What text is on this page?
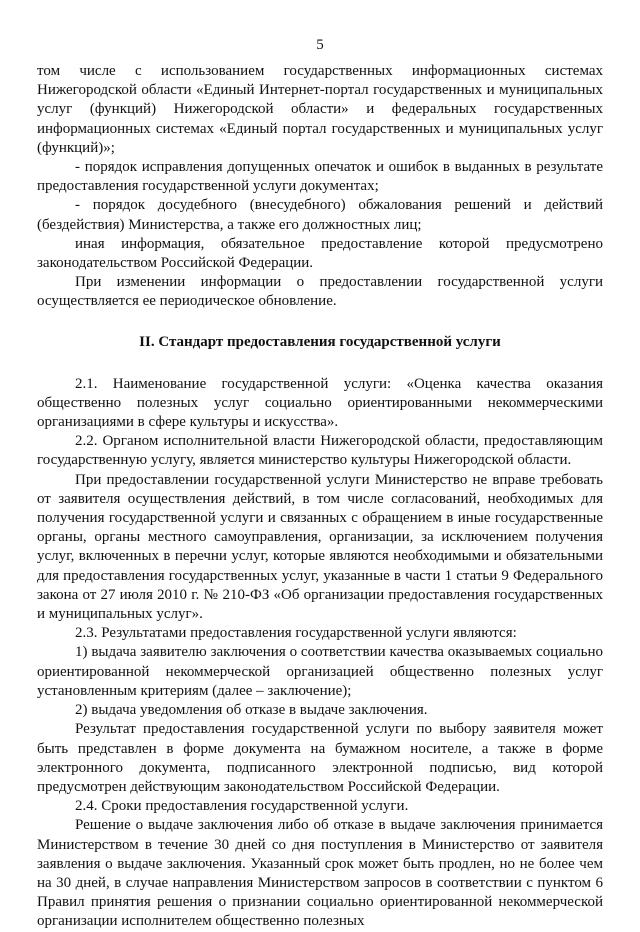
5

том числе с использованием государственных информационных системах Нижегородской области «Единый Интернет-портал государственных и муниципальных услуг (функций) Нижегородской области» и федеральных государственных информационных системах «Единый портал государственных и муниципальных услуг (функций)»;

- порядок исправления допущенных опечаток и ошибок в выданных в результате предоставления государственной услуги документах;

- порядок досудебного (внесудебного) обжалования решений и действий (бездействия) Министерства, а также его должностных лиц;

иная информация, обязательное предоставление которой предусмотрено законодательством Российской Федерации.

При изменении информации о предоставлении государственной услуги осуществляется ее периодическое обновление.

II. Стандарт предоставления государственной услуги

2.1. Наименование государственной услуги: «Оценка качества оказания общественно полезных услуг социально ориентированными некоммерческими организациями в сфере культуры и искусства».

2.2. Органом исполнительной власти Нижегородской области, предоставляющим государственную услугу, является министерство культуры Нижегородской области.

При предоставлении государственной услуги Министерство не вправе требовать от заявителя осуществления действий, в том числе согласований, необходимых для получения государственной услуги и связанных с обращением в иные государственные органы, органы местного самоуправления, организации, за исключением получения услуг, включенных в перечни услуг, которые являются необходимыми и обязательными для предоставления государственных услуг, указанные в части 1 статьи 9 Федерального закона от 27 июля 2010 г. № 210-ФЗ «Об организации предоставления государственных и муниципальных услуг».

2.3. Результатами предоставления государственной услуги являются:

1) выдача заявителю заключения о соответствии качества оказываемых социально ориентированной некоммерческой организацией общественно полезных услуг установленным критериям (далее – заключение);

2) выдача уведомления об отказе в выдаче заключения.

Результат предоставления государственной услуги по выбору заявителя может быть представлен в форме документа на бумажном носителе, а также в форме электронного документа, подписанного электронной подписью, вид которой предусмотрен действующим законодательством Российской Федерации.

2.4. Сроки предоставления государственной услуги.

Решение о выдаче заключения либо об отказе в выдаче заключения принимается Министерством в течение 30 дней со дня поступления в Министерство от заявителя заявления о выдаче заключения. Указанный срок может быть продлен, но не более чем на 30 дней, в случае направления Министерством запросов в соответствии с пунктом 6 Правил принятия решения о признании социально ориентированной некоммерческой организации исполнителем общественно полезных
